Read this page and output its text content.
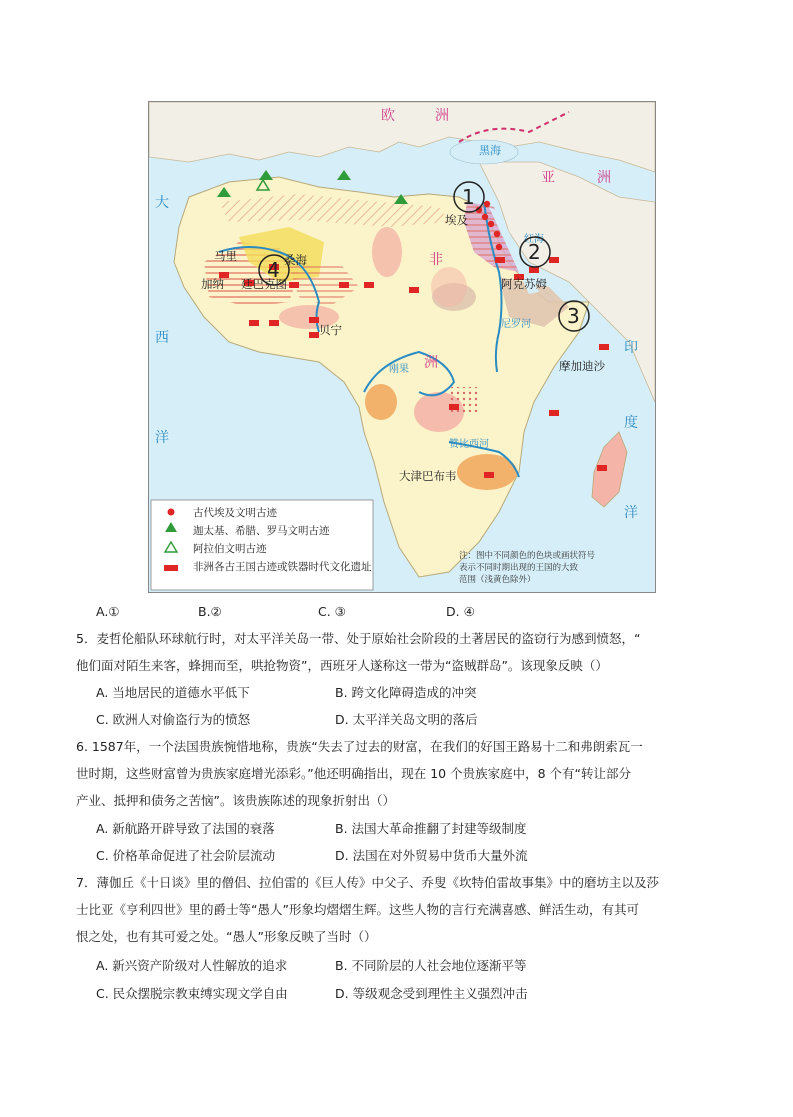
欧	洲
亚	洲
大
西
洋
印
度
洋
黑海
红海
尼罗河
刚果
赞比西河
非
洲
埃及
阿克苏姆
马里	桑海
加纳 廷巴克图
贝宁
摩加迪沙
大津巴布韦
1
2
3
4
古代埃及文明古迹
迦太基、希腊、罗马文明古迹
阿拉伯文明古迹
非洲各古王国古迹或铁器时代文化遗址
注：图中不同颜色的色块或画状符号
表示不同时期出现的王国的大致
范围（浅黄色除外）
A.①	B.②	C. ③	D. ④
5．麦哲伦船队环球航行时，对太平洋关岛一带、处于原始社会阶段的土著居民的盗窃行为感到愤怒，“
他们面对陌生来客，蜂拥而至，哄抢物资”，西班牙人遂称这一带为“盗贼群岛”。该现象反映（）
A. 当地居民的道德水平低下	B. 跨文化障碍造成的冲突
C. 欧洲人对偷盗行为的愤怒	D. 太平洋关岛文明的落后
6. 1587年，一个法国贵族惋惜地称，贵族“失去了过去的财富，在我们的好国王路易十二和弗朗索瓦一
世时期，这些财富曾为贵族家庭增光添彩。”他还明确指出，现在 10 个贵族家庭中，8 个有“转让部分
产业、抵押和债务之苦恼”。该贵族陈述的现象折射出（）
A. 新航路开辟导致了法国的衰落	B. 法国大革命推翻了封建等级制度
C. 价格革命促进了社会阶层流动	D. 法国在对外贸易中货币大量外流
7．薄伽丘《十日谈》里的僧侣、拉伯雷的《巨人传》中父子、乔叟《坎特伯雷故事集》中的磨坊主以及莎
士比亚《亨利四世》里的爵士等“愚人”形象均熠熠生辉。这些人物的言行充满喜感、鲜活生动，有其可
恨之处，也有其可爱之处。“愚人”形象反映了当时（）
A. 新兴资产阶级对人性解放的追求	B. 不同阶层的人社会地位逐渐平等
C. 民众摆脱宗教束缚实现文学自由	D. 等级观念受到理性主义强烈冲击
